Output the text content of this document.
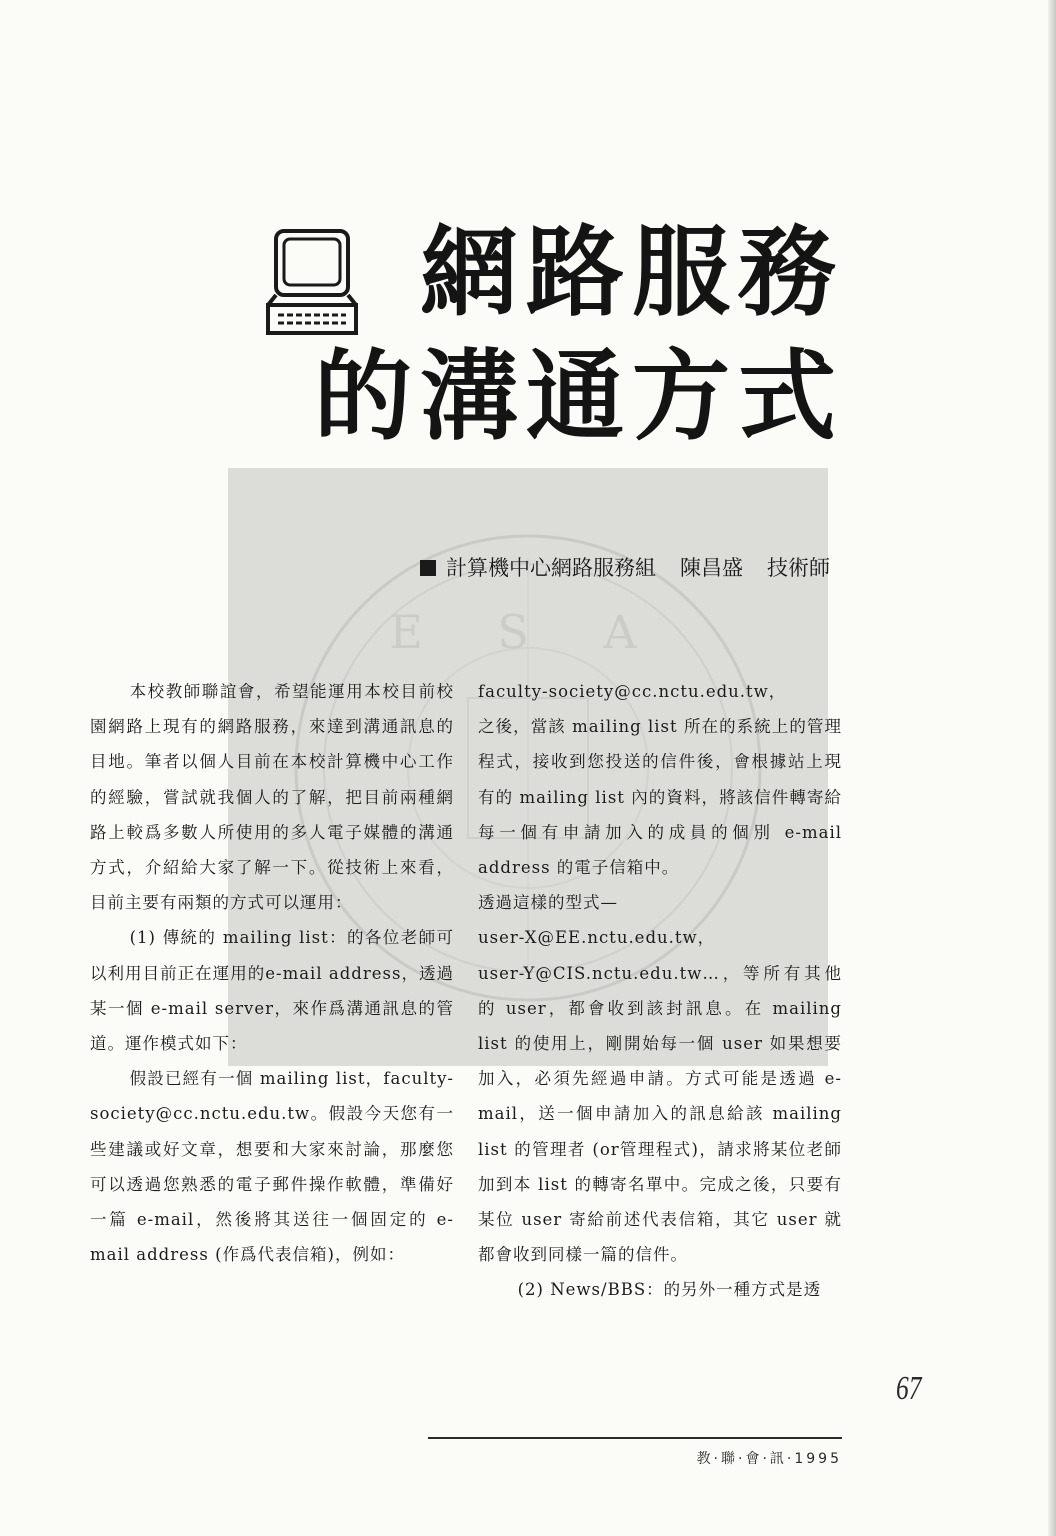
E S A
網路服務
的溝通方式
計算機中心網路服務組 陳昌盛 技術師

本校教師聯誼會，希望能運用本校目前校園網路上現有的網路服務，來達到溝通訊息的目地。筆者以個人目前在本校計算機中心工作的經驗，嘗試就我個人的了解，把目前兩種網路上較爲多數人所使用的多人電子媒體的溝通方式，介紹給大家了解一下。從技術上來看，目前主要有兩類的方式可以運用：

(1) 傳統的 mailing list：的各位老師可以利用目前正在運用的e-mail address，透過某一個 e-mail server，來作爲溝通訊息的管道。運作模式如下：

假設已經有一個 mailing list，faculty-society@cc.nctu.edu.tw。假設今天您有一些建議或好文章，想要和大家來討論，那麼您可以透過您熟悉的電子郵件操作軟體，準備好一篇 e-mail，然後將其送往一個固定的 e-mail address (作爲代表信箱)，例如：

faculty-society@cc.nctu.edu.tw，

之後，當該 mailing list 所在的系統上的管理程式，接收到您投送的信件後，會根據站上現有的 mailing list 內的資料，將該信件轉寄給每一個有申請加入的成員的個別 e-mail address 的電子信箱中。

透過這樣的型式—

user-X@EE.nctu.edu.tw，

user-Y@CIS.nctu.edu.tw…，等所有其他的 user，都會收到該封訊息。在 mailing list 的使用上，剛開始每一個 user 如果想要加入，必須先經過申請。方式可能是透過 e-mail，送一個申請加入的訊息給該 mailing list 的管理者 (or管理程式)，請求將某位老師加到本 list 的轉寄名單中。完成之後，只要有某位 user 寄給前述代表信箱，其它 user 就都會收到同樣一篇的信件。

(2) News/BBS：的另外一種方式是透

67
教·聯·會·訊·1995
